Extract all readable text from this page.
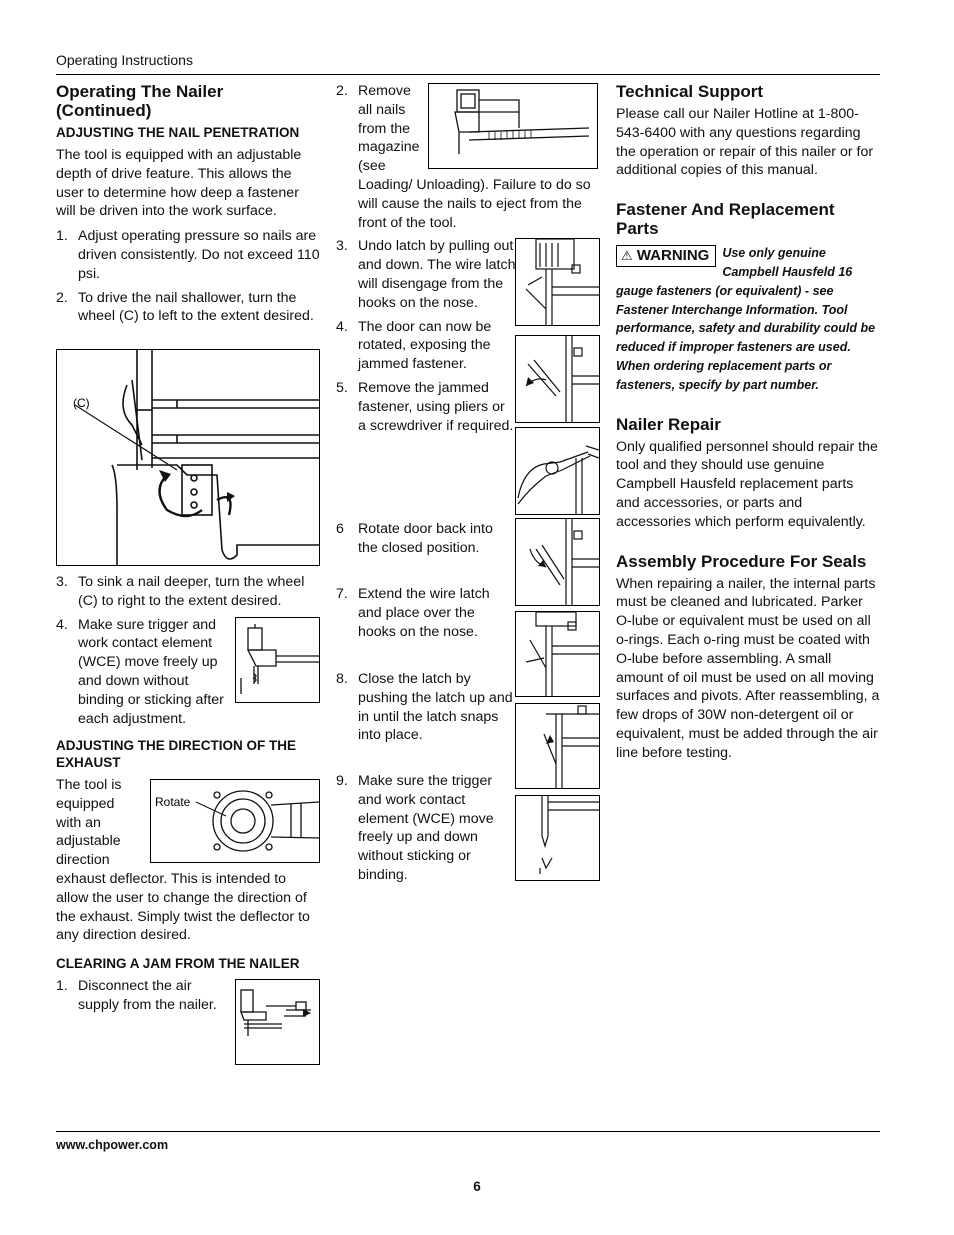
Operating Instructions
www.chpower.com
6
Operating The Nailer (Continued)
ADJUSTING THE NAIL PENETRATION

The tool is equipped with an adjustable depth of drive feature. This allows the user to determine how deep a fastener will be driven into the work surface.

1. Adjust operating pressure so nails are driven consistently. Do not exceed 110 psi.
2. To drive the nail shallower, turn the wheel (C) to left to the extent desired.
(C)
3. To sink a nail deeper, turn the wheel (C) to right to the extent desired.
4. Make sure trigger and work contact element (WCE) move freely up and down without binding or sticking after each adjustment.
ADJUSTING THE DIRECTION OF THE EXHAUST

The tool is equipped with an adjustable direction

exhaust deflector. This is intended to allow the user to change the direction of the exhaust. Simply twist the deflector to any direction desired.

Rotate
CLEARING A JAM FROM THE NAILER
1. Disconnect the air supply from the nailer.
2. Remove all nails from the magazine (see

Loading/ Unloading). Failure to do so will cause the nails to eject from the front of the tool.

3. Undo latch by pulling out and down. The wire latch will disengage from the hooks on the nose.
4. The door can now be rotated, exposing the jammed fastener.
5. Remove the jammed fastener, using pliers or a screwdriver if required.
6 Rotate door back into the closed position.
7. Extend the wire latch and place over the hooks on the nose.
8. Close the latch by pushing the latch up and in until the latch snaps into place.
9. Make sure the trigger and work contact element (WCE) move freely up and down without sticking or binding.
Technical Support

Please call our Nailer Hotline at 1-800-543-6400 with any questions regarding the operation or repair of this nailer or for additional copies of this manual.

Fastener And Replacement Parts
⚠ WARNING	Use only genuine Campbell Hausfeld 16 gauge fasteners (or equivalent) - see Fastener Interchange Information. Tool performance, safety and durability could be reduced if improper fasteners are used. When ordering replacement parts or fasteners, specify by part number.
Nailer Repair

Only qualified personnel should repair the tool and they should use genuine Campbell Hausfeld replacement parts and accessories, or parts and accessories which perform equivalently.

Assembly Procedure For Seals

When repairing a nailer, the internal parts must be cleaned and lubricated. Parker O-lube or equivalent must be used on all o-rings. Each o-ring must be coated with O-lube before assembling. A small amount of oil must be used on all moving surfaces and pivots. After reassembling, a few drops of 30W non-detergent oil or equivalent, must be added through the air line before testing.
